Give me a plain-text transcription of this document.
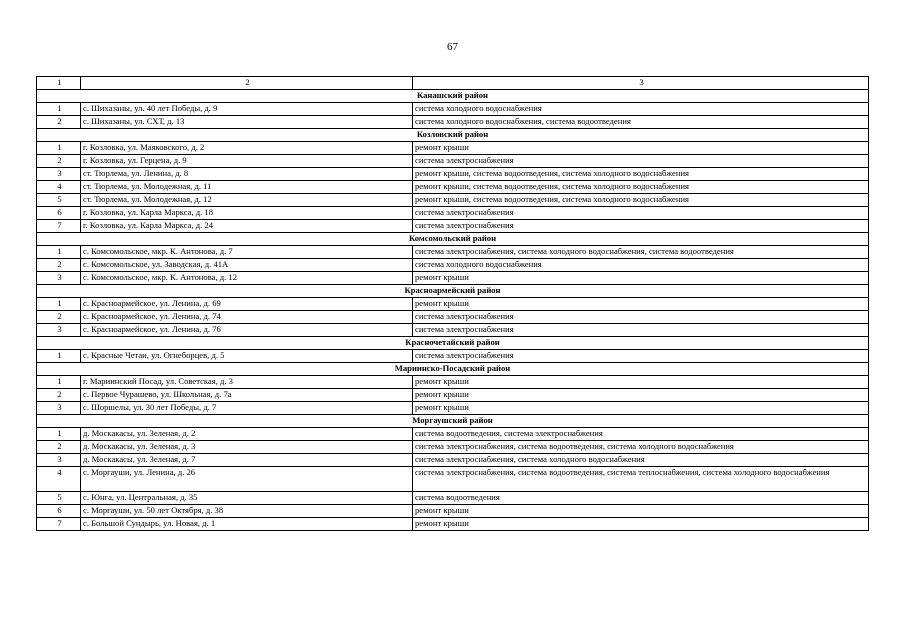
67
1	2	3
Канашский район		
1	с. Шихазаны, ул. 40 лет Победы, д. 9	система холодного водоснабжения
2	с. Шихазаны, ул. СХТ, д. 13	система холодного водоснабжения, система водоотведения
Козловский район		
1	г. Козловка, ул. Маяковского, д. 2	ремонт крыши
2	г. Козловка, ул. Герцена, д. 9	система электроснабжения
3	ст. Тюрлема, ул. Ленина, д. 8	ремонт крыши, система водоотведения, система холодного водоснабжения
4	ст. Тюрлема, ул. Молодежная, д. 11	ремонт крыши, система водоотведения, система холодного водоснабжения
5	ст. Тюрлема, ул. Молодежная, д. 12	ремонт крыши, система водоотведения, система холодного водоснабжения
6	г. Козловка, ул. Карла Маркса, д. 18	система электроснабжения
7	г. Козловка, ул. Карла Маркса, д. 24	система электроснабжения
Комсомольский район		
1	с. Комсомольское, мкр. К. Антонова, д. 7	система электроснабжения, система холодного водоснабжения, система водоотведения
2	с. Комсомольское, ул. Заводская, д. 41А	система холодного водоснабжения
3	с. Комсомольское, мкр. К. Антонова, д. 12	ремонт крыши
Красноармейский район		
1	с. Красноармейское, ул. Ленина, д. 69	ремонт крыши
2	с. Красноармейское, ул. Ленина, д. 74	система электроснабжения
3	с. Красноармейское, ул. Ленина, д. 76	система электроснабжения
Красночетайский район		
1	с. Красные Четаи, ул. Огнеборцев, д. 5	система электроснабжения
Мариинско-Посадский район		
1	г. Мариинский Посад, ул. Советская, д. 3	ремонт крыши
2	с. Первое Чурашево, ул. Школьная, д. 7а	ремонт крыши
3	с. Шоршелы, ул. 30 лет Победы, д. 7	ремонт крыши
Моргаушский район		
1	д. Москакасы, ул. Зеленая, д. 2	система водоотведения, система электроснабжения
2	д. Москакасы, ул. Зеленая, д. 3	система электроснабжения, система водоотведения, система холодного водоснабжения
3	д. Москакасы, ул. Зеленая, д. 7	система электроснабжения, система холодного водоснабжения
4	с. Моргауши, ул. Ленина, д. 26	система электроснабжения, система водоотведения, система теплоснабжения, система холодного водоснабжения
5	с. Юнга, ул. Центральная, д. 35	система водоотведения
6	с. Моргауши, ул. 50 лет Октября, д. 38	ремонт крыши
7	с. Большой Сундырь, ул. Новая, д. 1	ремонт крыши
